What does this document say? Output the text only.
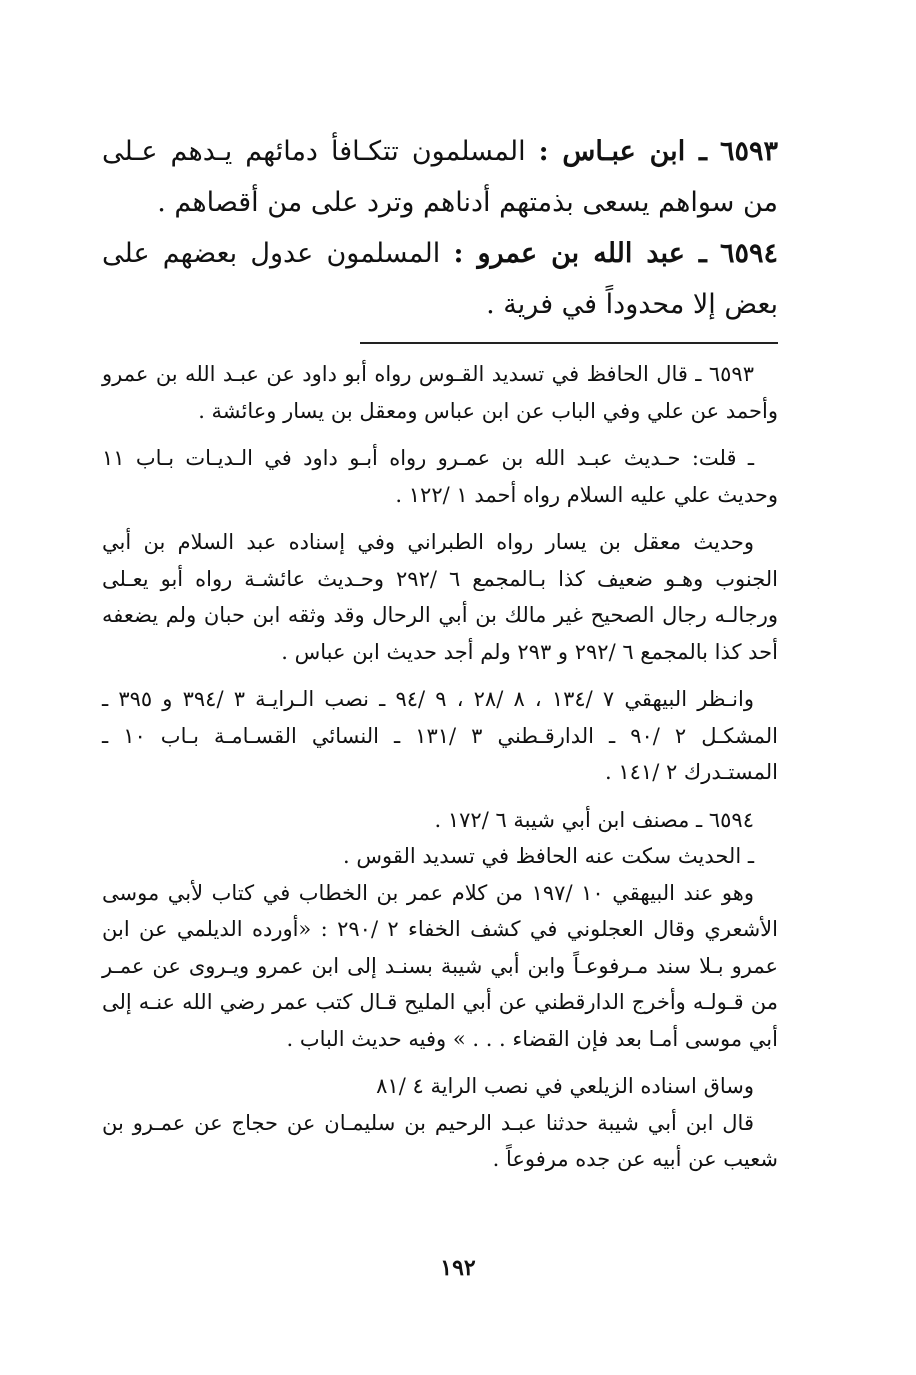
٦٥٩٣ ـ ابن عبـاس : المسلمون تتكـافأ دمائهم يـدهم عـلى من سواهم يسعى بذمتهم أدناهم وترد على من أقصاهم .
٦٥٩٤ ـ عبد الله بن عمرو : المسلمون عدول بعضهم على بعض إلا محدوداً في فرية .

٦٥٩٣ ـ قال الحافظ في تسديد القـوس رواه أبو داود عن عبـد الله بن عمرو وأحمد عن علي وفي الباب عن ابن عباس ومعقل بن يسار وعائشة .

ـ قلت: حـديث عبـد الله بن عمـرو رواه أبـو داود في الـديـات بـاب ١١ وحديث علي عليه السلام رواه أحمد ١ /١٢٢ .

وحديث معقل بن يسار رواه الطبراني وفي إسناده عبد السلام بن أبي الجنوب وهـو ضعيف كذا بـالمجمع ٦ /٢٩٢ وحـديث عائشـة رواه أبو يعـلى ورجالـه رجال الصحيح غير مالك بن أبي الرحال وقد وثقه ابن حبان ولم يضعفه أحد كذا بالمجمع ٦ /٢٩٢ و ٢٩٣ ولم أجد حديث ابن عباس .

وانـظر البيهقي ٧ /١٣٤ ، ٨ /٢٨ ، ٩ /٩٤ ـ نصب الـرايـة ٣ /٣٩٤ و ٣٩٥ ـ المشكـل ٢ /٩٠ ـ الدارقـطني ٣ /١٣١ ـ النسائي القسـامـة بـاب ١٠ ـ المستـدرك ٢ /١٤١ .

٦٥٩٤ ـ مصنف ابن أبي شيبة ٦ /١٧٢ .

ـ الحديث سكت عنه الحافظ في تسديد القوس .

وهو عند البيهقي ١٠ /١٩٧ من كلام عمر بن الخطاب في كتاب لأبي موسى الأشعري وقال العجلوني في كشف الخفاء ٢ /٢٩٠ : «أورده الديلمي عن ابن عمرو بـلا سند مـرفوعـاً وابن أبي شيبة بسنـد إلى ابن عمرو ويـروى عن عمـر من قـولـه وأخرج الدارقطني عن أبي المليح قـال كتب عمر رضي الله عنـه إلى أبي موسى أمـا بعد فإن القضاء . . . » وفيه حديث الباب .

وساق اسناده الزيلعي في نصب الراية ٤ /٨١

قال ابن أبي شيبة حدثنا عبـد الرحيم بن سليمـان عن حجاج عن عمـرو بن شعيب عن أبيه عن جده مرفوعاً .

١٩٢
